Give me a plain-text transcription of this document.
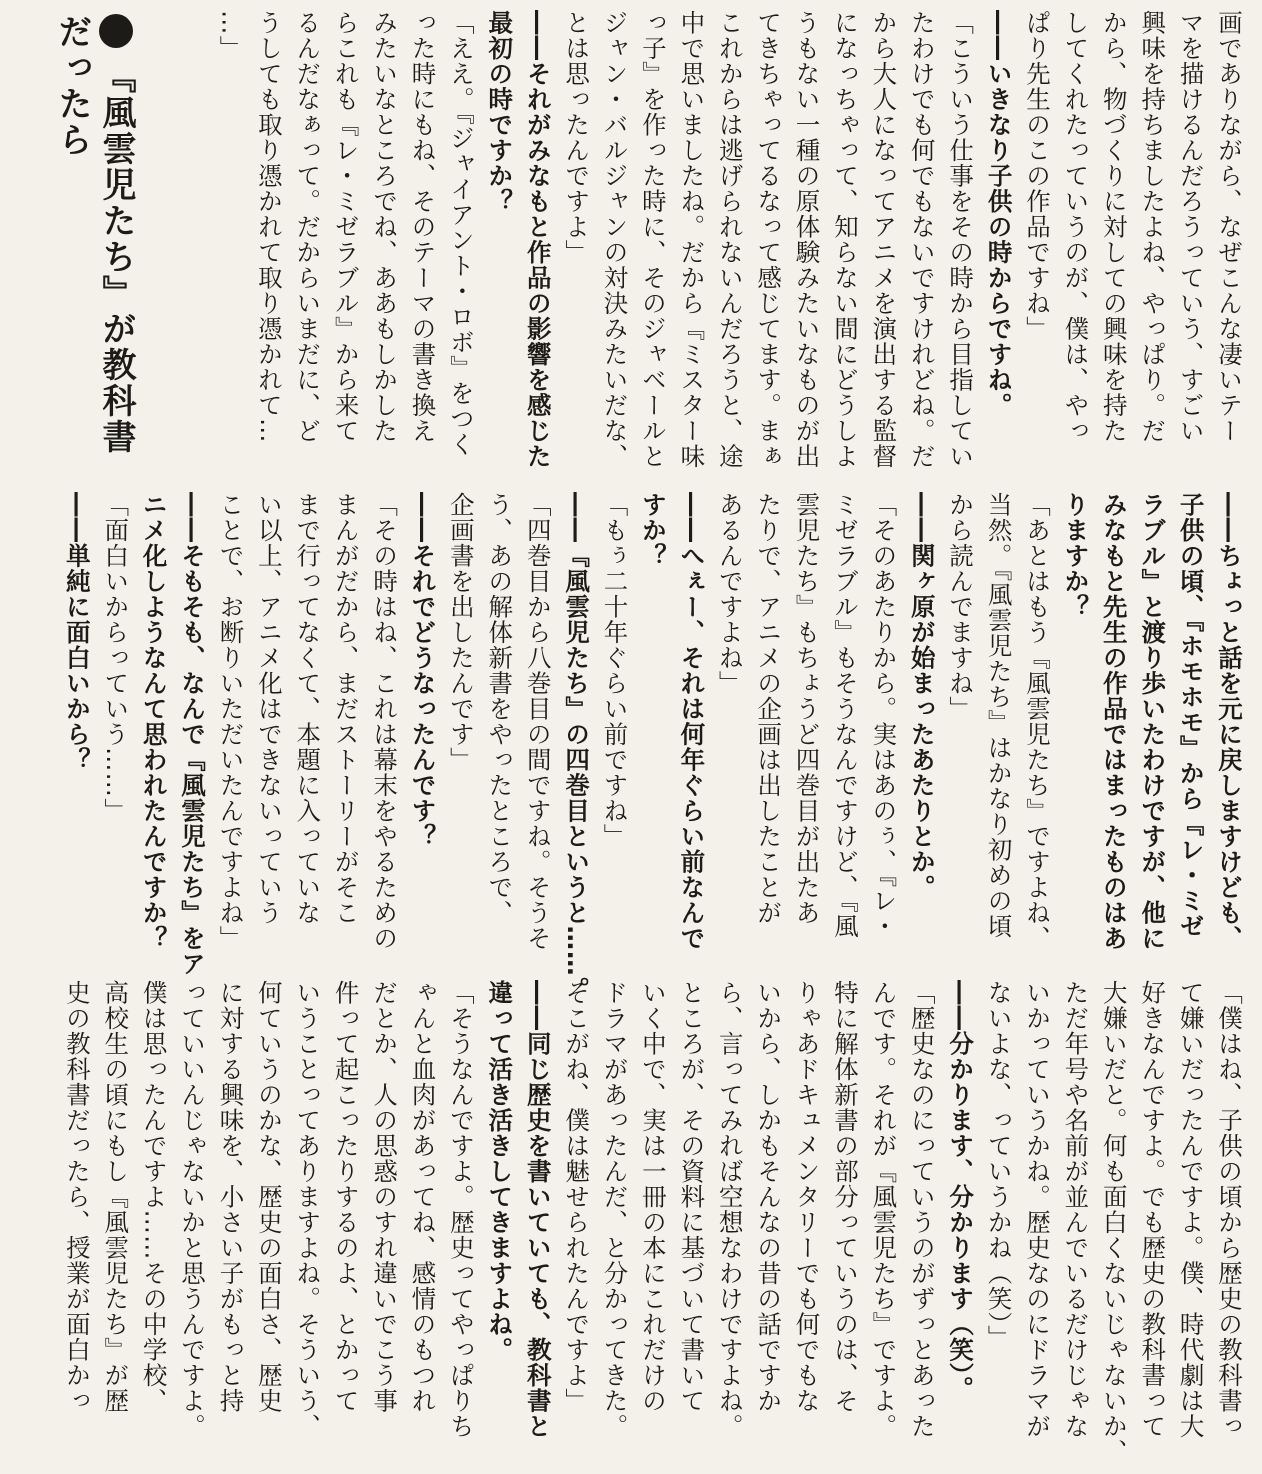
画でありながら、なぜこんな凄いテー
マを描けるんだろうっていう、すごい
興味を持ちましたよね、やっぱり。だ
から、物づくりに対しての興味を持た
してくれたっていうのが、僕は、やっ
ぱり先生のこの作品ですね」

――いきなり子供の時からですね。

「こういう仕事をその時から目指してい
たわけでも何でもないですけれどね。だ
から大人になってアニメを演出する監督
になっちゃって、知らない間にどうしよ
うもない一種の原体験みたいなものが出
てきちゃってるなって感じてます。まぁ
これからは逃げられないんだろうと、途
中で思いましたね。だから『ミスター味
っ子』を作った時に、そのジャベールと
ジャン・バルジャンの対決みたいだな、
とは思ったんですよ」

――それがみなもと作品の影響を感じた
最初の時ですか？

「ええ。『ジャイアント・ロボ』をつく
った時にもね、そのテーマの書き換え
みたいなところでね、ああもしかした
らこれも『レ・ミゼラブル』から来て
るんだなぁって。だからいまだに、ど
うしても取り憑かれて取り憑かれて…
…」

『風雲児たち』が教科書だったら

――ちょっと話を元に戻しますけども、
子供の頃、『ホモホモ』から『レ・ミゼ
ラブル』と渡り歩いたわけですが、他に
みなもと先生の作品ではまったものはあ
りますか？

「あとはもう『風雲児たち』ですよね、
当然。『風雲児たち』はかなり初めの頃
から読んでますね」

――関ヶ原が始まったあたりとか。

「そのあたりから。実はあのぅ、『レ・
ミゼラブル』もそうなんですけど、『風
雲児たち』もちょうど四巻目が出たあ
たりで、アニメの企画は出したことが
あるんですよね」

――へぇー、それは何年ぐらい前なんで
すか？

「もぅ二十年ぐらい前ですね」

――『風雲児たち』の四巻目というと……。

「四巻目から八巻目の間ですね。そうそ
う、あの解体新書をやったところで、
企画書を出したんです」

――それでどうなったんです？

「その時はね、これは幕末をやるための
まんがだから、まだストーリーがそこ
まで行ってなくて、本題に入っていな
い以上、アニメ化はできないっていう
ことで、お断りいただいたんですよね」

――そもそも、なんで『風雲児たち』をア
ニメ化しようなんて思われたんですか？

「面白いからっていう……」

――単純に面白いから？

「僕はね、子供の頃から歴史の教科書っ
て嫌いだったんですよ。僕、時代劇は大
好きなんですよ。でも歴史の教科書って
大嫌いだと。何も面白くないじゃないか、
ただ年号や名前が並んでいるだけじゃな
いかっていうかね。歴史なのにドラマが
ないよな、っていうかね（笑）」

――分かります、分かります（笑）。

「歴史なのにっていうのがずっとあった
んです。それが『風雲児たち』ですよ。
特に解体新書の部分っていうのは、そ
りゃあドキュメンタリーでも何でもな
いから、しかもそんなの昔の話ですか
ら、言ってみれば空想なわけですよね。
ところが、その資料に基づいて書いて
いく中で、実は一冊の本にこれだけの
ドラマがあったんだ、と分かってきた。
そこがね、僕は魅せられたんですよ」

――同じ歴史を書いていても、教科書と
違って活き活きしてきますよね。

「そうなんですよ。歴史ってやっぱりち
ゃんと血肉があってね、感情のもつれ
だとか、人の思惑のすれ違いでこう事
件って起こったりするのよ、とかって
いうことってありますよね。そういう、
何ていうのかな、歴史の面白さ、歴史
に対する興味を、小さい子がもっと持
っていいんじゃないかと思うんですよ。
僕は思ったんですよ……その中学校、
高校生の頃にもし『風雲児たち』が歴
史の教科書だったら、授業が面白かっ
